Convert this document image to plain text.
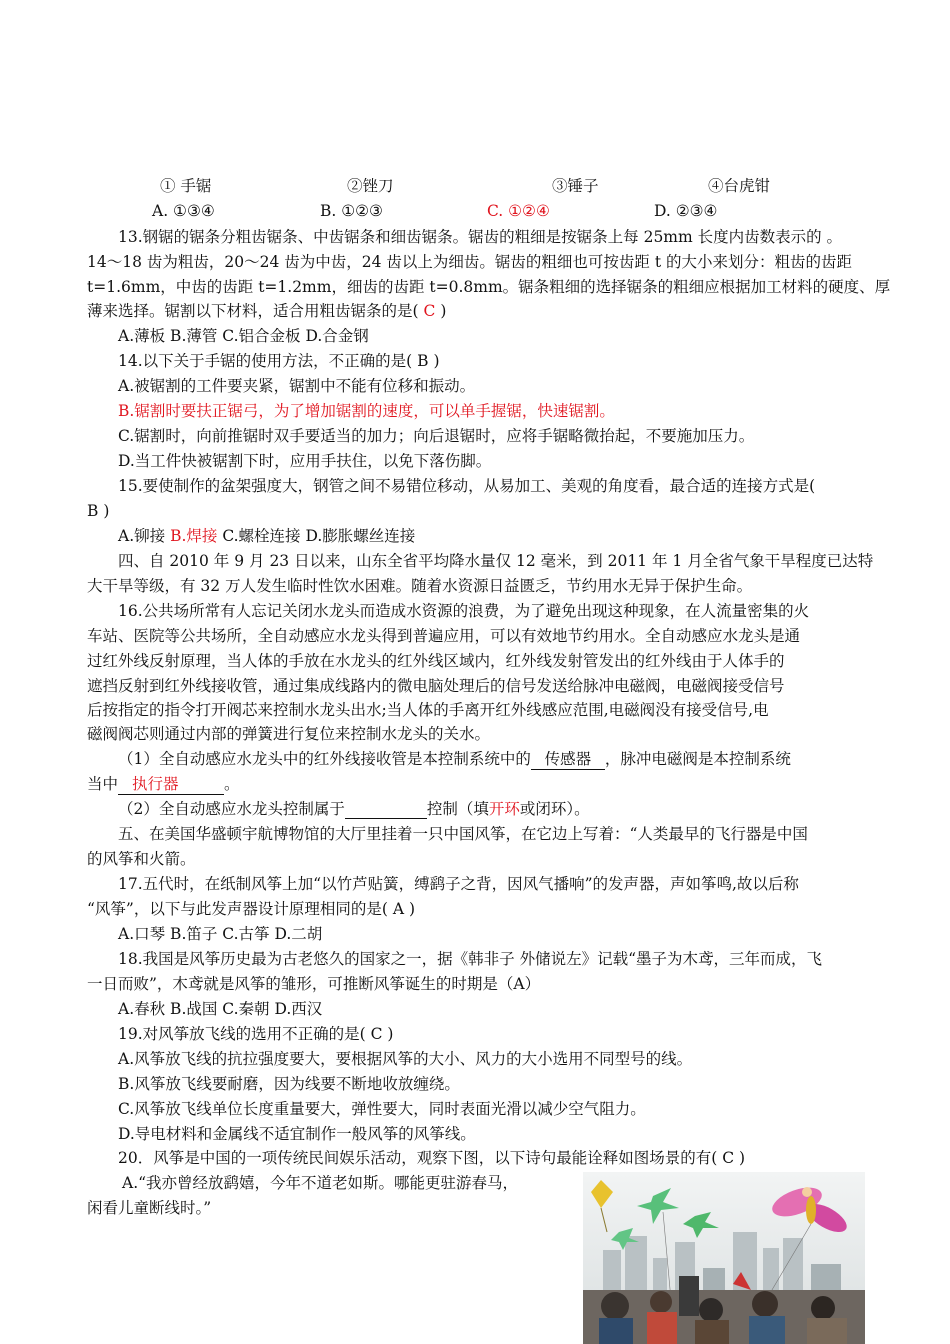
① 手锯	②锉刀	③锤子	④台虎钳
A. ①③④	B. ①②③	C. ①②④	D. ②③④
13.钢锯的锯条分粗齿锯条、中齿锯条和细齿锯条。锯齿的粗细是按锯条上每 25mm 长度内齿数表示的 。
14～18 齿为粗齿，20～24 齿为中齿，24 齿以上为细齿。锯齿的粗细也可按齿距 t 的大小来划分：粗齿的齿距
t=1.6mm，中齿的齿距 t=1.2mm，细齿的齿距 t=0.8mm。锯条粗细的选择锯条的粗细应根据加工材料的硬度、厚
薄来选择。锯割以下材料，适合用粗齿锯条的是( C )
A.薄板 B.薄管 C.铝合金板 D.合金钢
14.以下关于手锯的使用方法，不正确的是( B )
A.被锯割的工件要夹紧，锯割中不能有位移和振动。
B.锯割时要扶正锯弓，为了增加锯割的速度，可以单手握锯，快速锯割。
C.锯割时，向前推锯时双手要适当的加力；向后退锯时，应将手锯略微抬起，不要施加压力。
D.当工件快被锯割下时，应用手扶住，以免下落伤脚。
15.要使制作的盆架强度大，钢管之间不易错位移动，从易加工、美观的角度看，最合适的连接方式是(
B )
A.铆接 B.焊接 C.螺栓连接 D.膨胀螺丝连接
四、自 2010 年 9 月 23 日以来，山东全省平均降水量仅 12 毫米，到 2011 年 1 月全省气象干旱程度已达特
大干旱等级，有 32 万人发生临时性饮水困难。随着水资源日益匮乏，节约用水无异于保护生命。
16.公共场所常有人忘记关闭水龙头而造成水资源的浪费，为了避免出现这种现象，在人流量密集的火
车站、医院等公共场所，全自动感应水龙头得到普遍应用，可以有效地节约用水。全自动感应水龙头是通
过红外线反射原理，当人体的手放在水龙头的红外线区域内，红外线发射管发出的红外线由于人体手的
遮挡反射到红外线接收管，通过集成线路内的微电脑处理后的信号发送给脉冲电磁阀，电磁阀接受信号
后按指定的指令打开阀芯来控制水龙头出水;当人体的手离开红外线感应范围,电磁阀没有接受信号,电
磁阀阀芯则通过内部的弹簧进行复位来控制水龙头的关水。
（1）全自动感应水龙头中的红外线接收管是本控制系统中的 传感器 ，脉冲电磁阀是本控制系统
当中 执行器	。
（2）全自动感应水龙头控制属于	控制（填开环或闭环）。
五、在美国华盛顿宇航博物馆的大厅里挂着一只中国风筝，在它边上写着：“人类最早的飞行器是中国
的风筝和火箭。
17.五代时，在纸制风筝上加“以竹芦贴簧，缚鹞子之背，因风气播响”的发声器，声如筝鸣,故以后称
“风筝”，以下与此发声器设计原理相同的是( A )
A.口琴 B.笛子 C.古筝 D.二胡
18.我国是风筝历史最为古老悠久的国家之一，据《韩非子 外储说左》记载“墨子为木鸢，三年而成，飞
一日而败”，木鸢就是风筝的雏形，可推断风筝诞生的时期是（A）
A.春秋 B.战国 C.秦朝 D.西汉
19.对风筝放飞线的选用不正确的是( C )
A.风筝放飞线的抗拉强度要大，要根据风筝的大小、风力的大小选用不同型号的线。
B.风筝放飞线要耐磨，因为线要不断地收放缠绕。
C.风筝放飞线单位长度重量要大，弹性要大，同时表面光滑以减少空气阻力。
D.导电材料和金属线不适宜制作一般风筝的风筝线。
20．风筝是中国的一项传统民间娱乐活动，观察下图，以下诗句最能诠释如图场景的有( C )
A.“我亦曾经放鹞嬉，今年不道老如斯。哪能更驻游春马，
闲看儿童断线时。”
